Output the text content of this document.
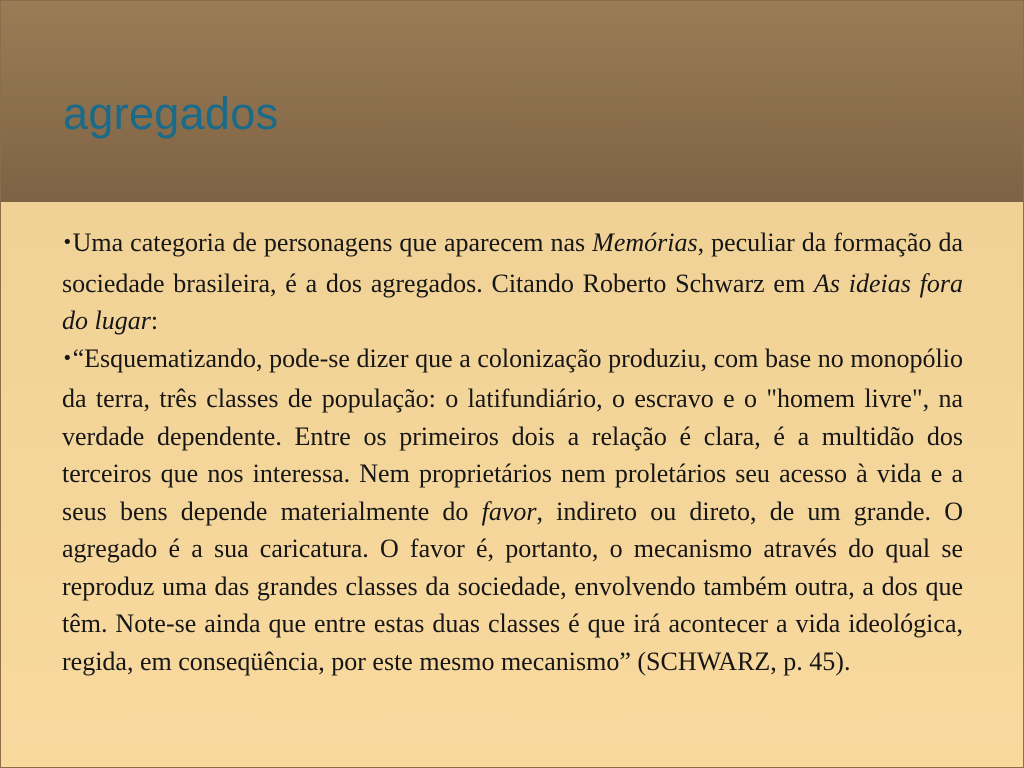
agregados

•Uma categoria de personagens que aparecem nas Memórias, peculiar da formação da sociedade brasileira, é a dos agregados. Citando Roberto Schwarz em As ideias fora do lugar:

•“Esquematizando, pode-se dizer que a colonização produziu, com base no monopólio da terra, três classes de população: o latifundiário, o escravo e o "homem livre", na verdade dependente. Entre os primeiros dois a relação é clara, é a multidão dos terceiros que nos interessa. Nem proprietários nem proletários seu acesso à vida e a seus bens depende materialmente do favor, indireto ou direto, de um grande. O agregado é a sua caricatura. O favor é, portanto, o mecanismo através do qual se reproduz uma das grandes classes da sociedade, envolvendo também outra, a dos que têm. Note-se ainda que entre estas duas classes é que irá acontecer a vida ideológica, regida, em conseqüência, por este mesmo mecanismo” (SCHWARZ, p. 45).
